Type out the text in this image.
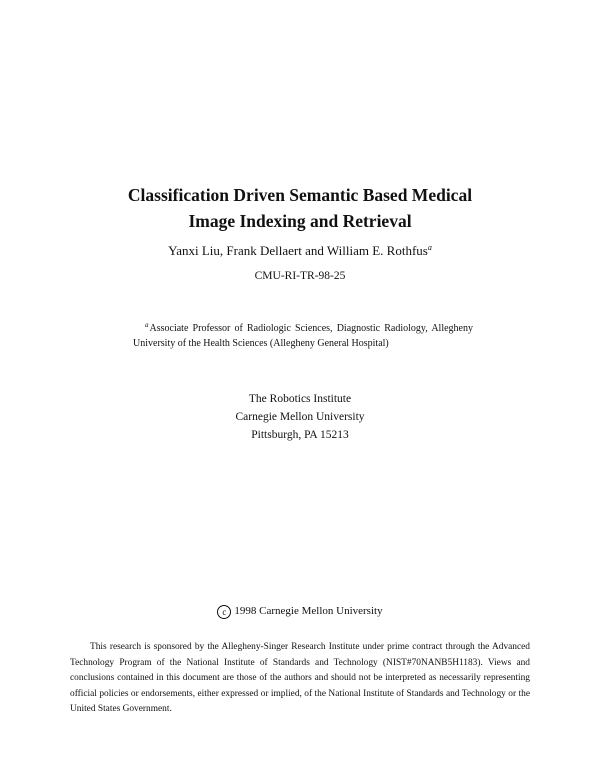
Classification Driven Semantic Based Medical
Image Indexing and Retrieval
Yanxi Liu, Frank Dellaert and William E. Rothfus$^a$
CMU-RI-TR-98-25
$^a$Associate Professor of Radiologic Sciences, Diagnostic Radiology, Allegheny University of the Health Sciences (Allegheny General Hospital)
The Robotics Institute
Carnegie Mellon University
Pittsburgh, PA 15213
c 1998 Carnegie Mellon University
This research is sponsored by the Allegheny-Singer Research Institute under prime contract through the Advanced Technology Program of the National Institute of Standards and Technology (NIST#70NANB5H1183). Views and conclusions contained in this document are those of the authors and should not be interpreted as necessarily representing official policies or endorsements, either expressed or implied, of the National Institute of Standards and Technology or the United States Government.
